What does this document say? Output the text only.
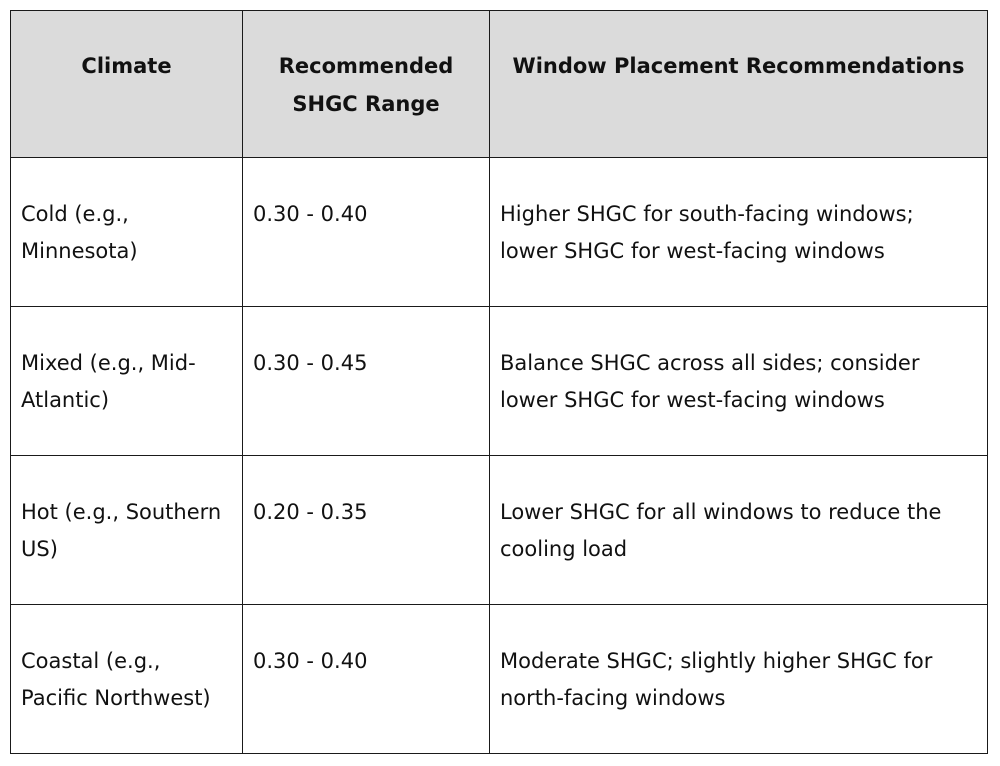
Climate	Recommended SHGC Range	Window Placement Recommendations

Cold (e.g., Minnesota)	0.30 - 0.40	Higher SHGC for south-facing windows; lower SHGC for west-facing windows
Mixed (e.g., Mid-Atlantic)	0.30 - 0.45	Balance SHGC across all sides; consider lower SHGC for west-facing windows
Hot (e.g., Southern US)	0.20 - 0.35	Lower SHGC for all windows to reduce the cooling load
Coastal (e.g., Pacific Northwest)	0.30 - 0.40	Moderate SHGC; slightly higher SHGC for north-facing windows
